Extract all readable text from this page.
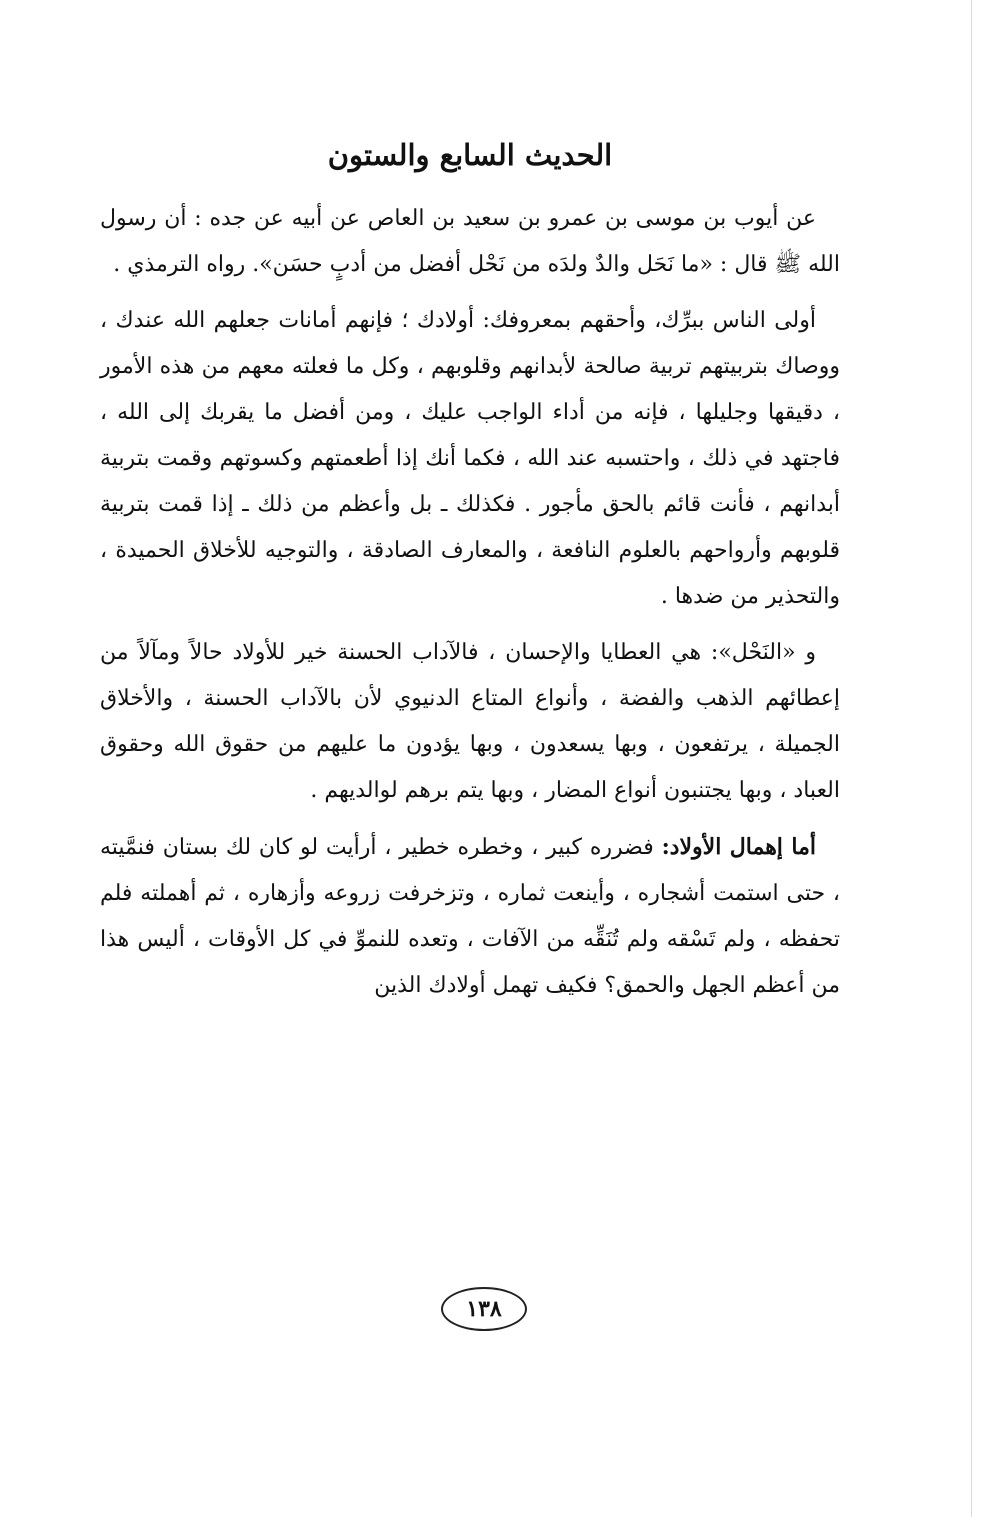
الحديث السابع والستون

عن أيوب بن موسى بن عمرو بن سعيد بن العاص عن أبيه عن جده : أن رسول الله ﷺ قال : «ما نَحَل والدٌ ولدَه من نَحْل أفضل من أدبٍ حسَن». رواه الترمذي .

أولى الناس ببرِّك، وأحقهم بمعروفك: أولادك ؛ فإنهم أمانات جعلهم الله عندك ، ووصاك بتربيتهم تربية صالحة لأبدانهم وقلوبهم ، وكل ما فعلته معهم من هذه الأمور ، دقيقها وجليلها ، فإنه من أداء الواجب عليك ، ومن أفضل ما يقربك إلى الله ، فاجتهد في ذلك ، واحتسبه عند الله ، فكما أنك إذا أطعمتهم وكسوتهم وقمت بتربية أبدانهم ، فأنت قائم بالحق مأجور . فكذلك ـ بل وأعظم من ذلك ـ إذا قمت بتربية قلوبهم وأرواحهم بالعلوم النافعة ، والمعارف الصادقة ، والتوجيه للأخلاق الحميدة ، والتحذير من ضدها .

و «النَحْل»: هي العطايا والإحسان ، فالآداب الحسنة خير للأولاد حالاً ومآلاً من إعطائهم الذهب والفضة ، وأنواع المتاع الدنيوي لأن بالآداب الحسنة ، والأخلاق الجميلة ، يرتفعون ، وبها يسعدون ، وبها يؤدون ما عليهم من حقوق الله وحقوق العباد ، وبها يجتنبون أنواع المضار ، وبها يتم برهم لوالديهم .

أما إهمال الأولاد: فضرره كبير ، وخطره خطير ، أرأيت لو كان لك بستان فنمَّيته ، حتى استمت أشجاره ، وأينعت ثماره ، وتزخرفت زروعه وأزهاره ، ثم أهملته فلم تحفظه ، ولم تَسْقه ولم تُنَقِّه من الآفات ، وتعده للنموِّ في كل الأوقات ، أليس هذا من أعظم الجهل والحمق؟ فكيف تهمل أولادك الذين

١٣٨
